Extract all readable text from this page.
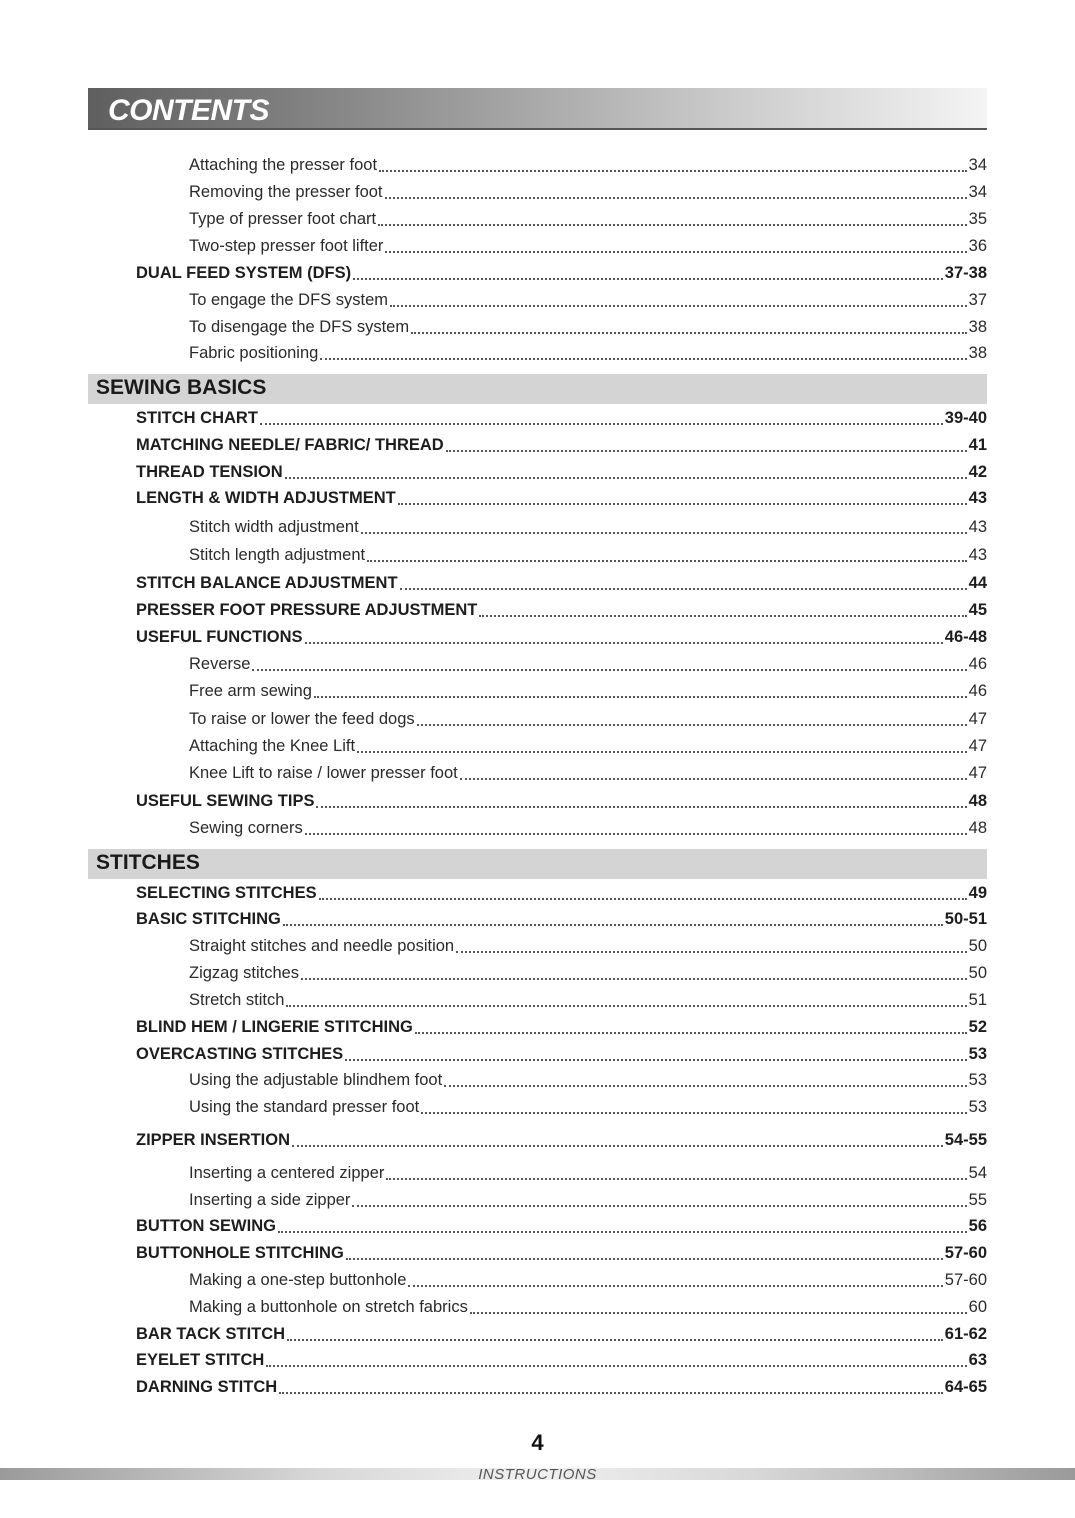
CONTENTS
Attaching the presser foot	34
Removing the presser foot	34
Type of presser foot chart	35
Two-step presser foot lifter	36
DUAL FEED SYSTEM (DFS)	37-38
To engage the DFS system	37
To disengage the DFS system	38
Fabric positioning	38
SEWING BASICS
STITCH CHART	39-40
MATCHING NEEDLE/ FABRIC/ THREAD	41
THREAD TENSION	42
LENGTH & WIDTH ADJUSTMENT	43
Stitch width adjustment	43
Stitch length adjustment	43
STITCH BALANCE ADJUSTMENT	44
PRESSER FOOT PRESSURE ADJUSTMENT	45
USEFUL FUNCTIONS	46-48
Reverse	46
Free arm sewing	46
To raise or lower the feed dogs	47
Attaching the Knee Lift	47
Knee Lift to raise / lower presser foot	47
USEFUL SEWING TIPS	48
Sewing corners	48
STITCHES
SELECTING STITCHES	49
BASIC STITCHING	50-51
Straight stitches and needle position	50
Zigzag stitches	50
Stretch stitch	51
BLIND HEM / LINGERIE STITCHING	52
OVERCASTING STITCHES	53
Using the adjustable blindhem foot	53
Using the standard presser foot	53
ZIPPER INSERTION	54-55
Inserting a centered zipper	54
Inserting a side zipper	55
BUTTON SEWING	56
BUTTONHOLE STITCHING	57-60
Making a one-step buttonhole	57-60
Making a buttonhole on stretch fabrics	60
BAR TACK STITCH	61-62
EYELET STITCH	63
DARNING STITCH	64-65
4
INSTRUCTIONS
